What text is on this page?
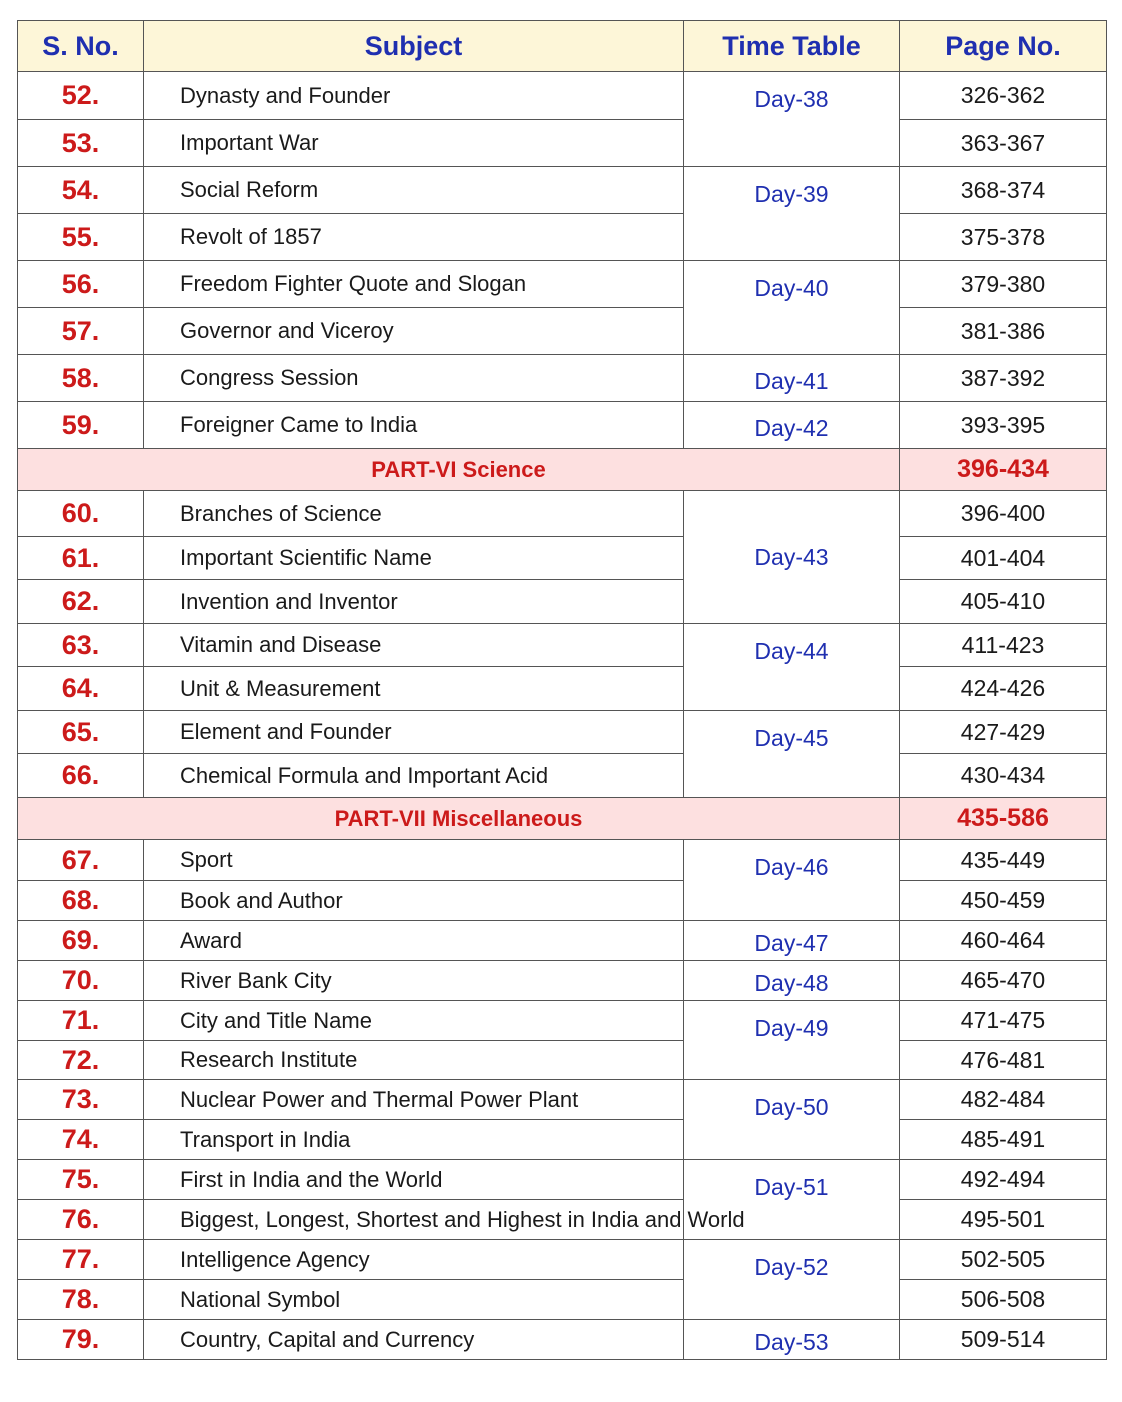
S. No.	Subject	Time Table	Page No.
52.	Dynasty and Founder	Day-38	326-362
53.	Important War		363-367
54.	Social Reform	Day-39	368-374
55.	Revolt of 1857		375-378
56.	Freedom Fighter Quote and Slogan	Day-40	379-380
57.	Governor and Viceroy		381-386
58.	Congress Session	Day-41	387-392
59.	Foreigner Came to India	Day-42	393-395
PART-VI Science			396-434
60.	Branches of Science	Day-43	396-400
61.	Important Scientific Name		401-404
62.	Invention and Inventor		405-410
63.	Vitamin and Disease	Day-44	411-423
64.	Unit & Measurement		424-426
65.	Element and Founder	Day-45	427-429
66.	Chemical Formula and Important Acid		430-434
PART-VII Miscellaneous			435-586
67.	Sport	Day-46	435-449
68.	Book and Author		450-459
69.	Award	Day-47	460-464
70.	River Bank City	Day-48	465-470
71.	City and Title Name	Day-49	471-475
72.	Research Institute		476-481
73.	Nuclear Power and Thermal Power Plant	Day-50	482-484
74.	Transport in India		485-491
75.	First in India and the World	Day-51	492-494
76.	Biggest, Longest, Shortest and Highest in India and World		495-501
77.	Intelligence Agency	Day-52	502-505
78.	National Symbol		506-508
79.	Country, Capital and Currency	Day-53	509-514
